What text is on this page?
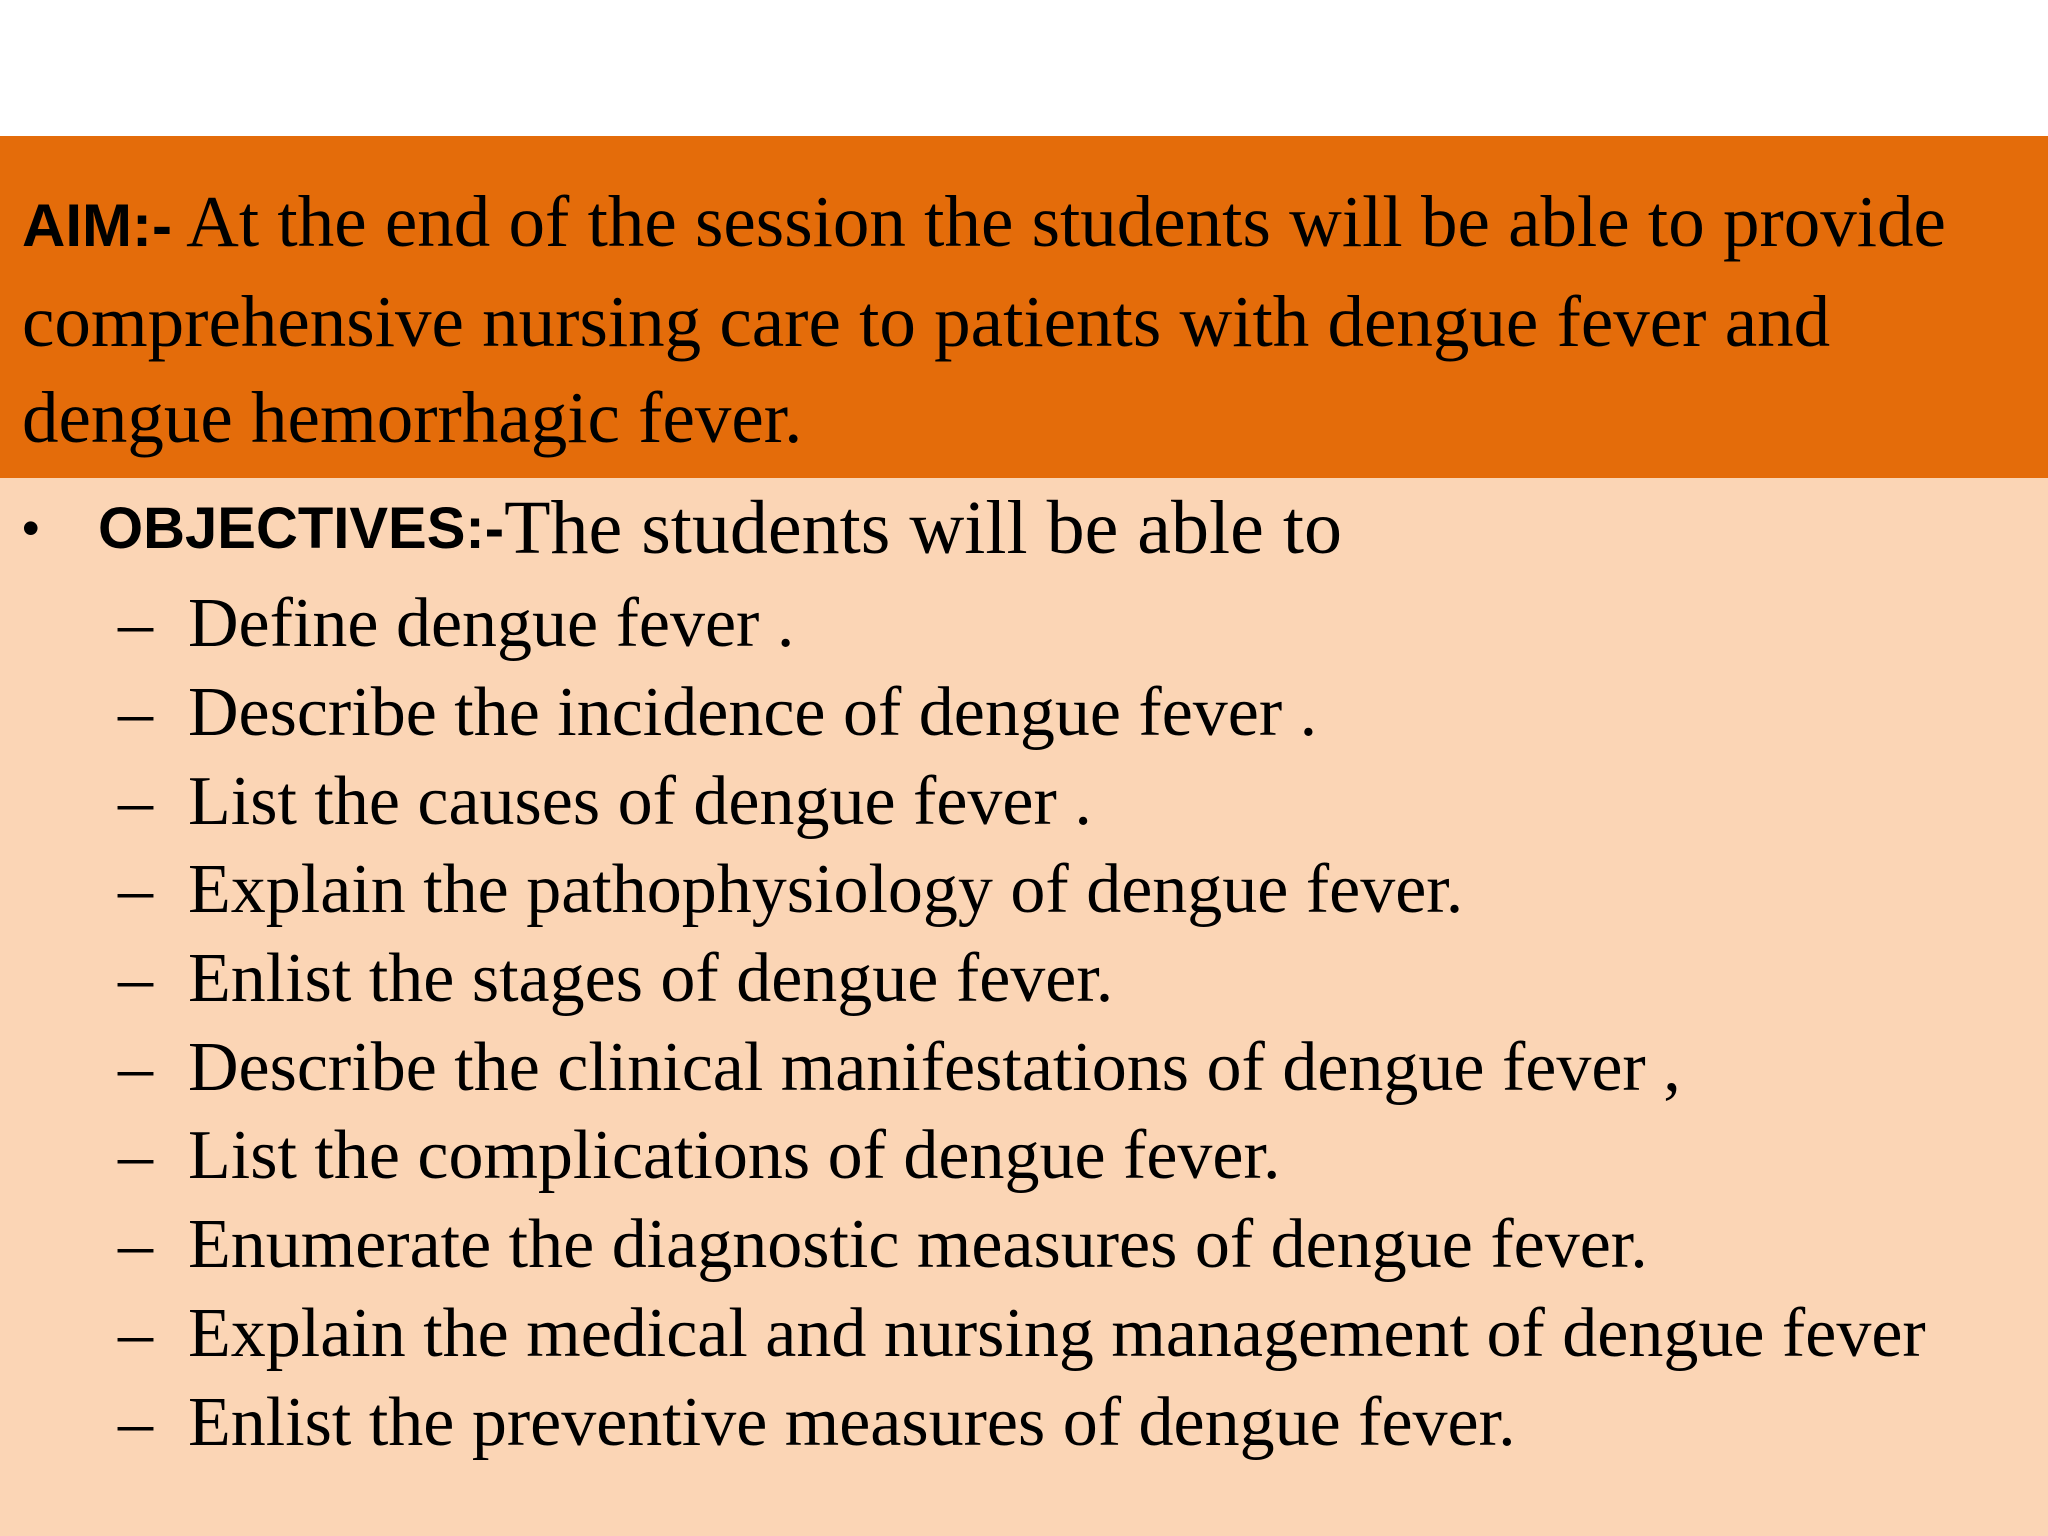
AIM:- At the end of the session the students will be able to provide comprehensive nursing care to patients with dengue fever and dengue hemorrhagic fever.

•	OBJECTIVES:- The students will be able to
– Define dengue fever .
– Describe the incidence of dengue fever .
– List the causes of dengue fever .
– Explain the pathophysiology of dengue fever.
– Enlist the stages of dengue fever.
– Describe the clinical manifestations of dengue fever ,
– List the complications of dengue fever.
– Enumerate the diagnostic measures of dengue fever.
– Explain the medical and nursing management of dengue fever
– Enlist the preventive measures of dengue fever.
